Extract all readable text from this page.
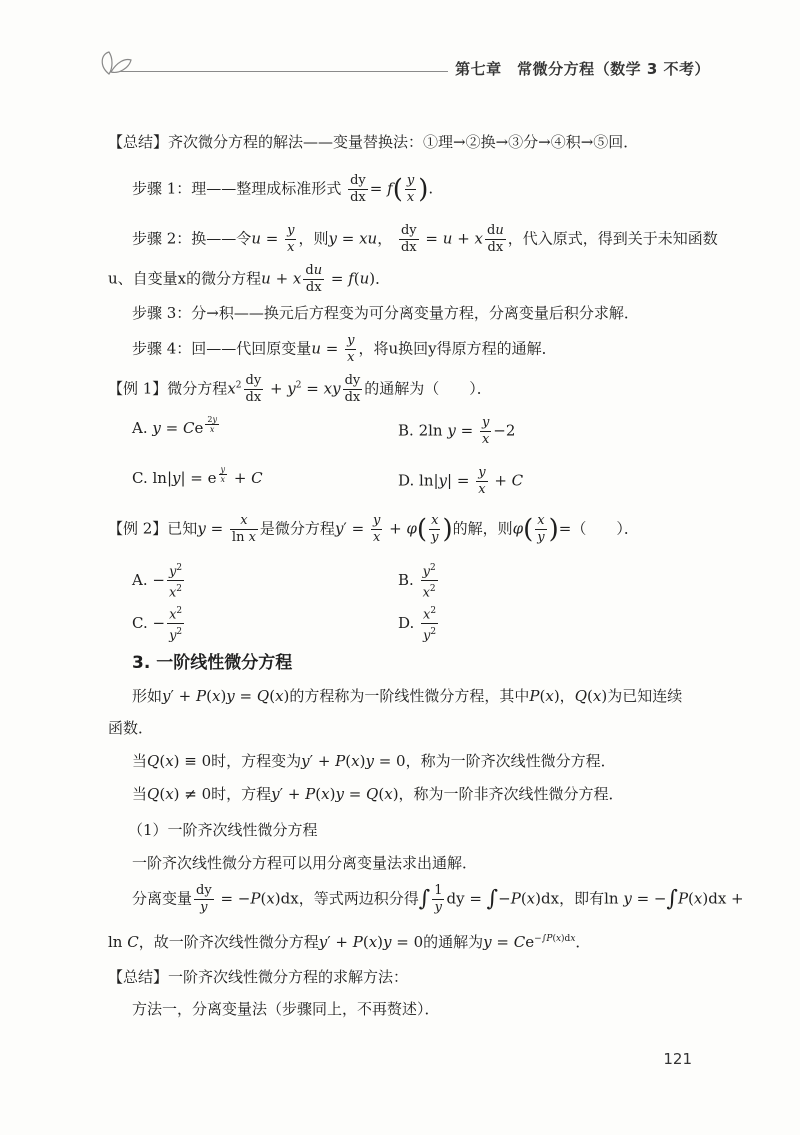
第七章　常微分方程（数学 3 不考）
【总结】齐次微分方程的解法——变量替换法：①理→②换→③分→④积→⑤回．
步骤 1：理——整理成标准形式 $\frac{dy}{dx} = f( \frac{y}{x}$ ).
步骤 2：换——令$u = \frac{y}{x}$ ，则y = xu， $\frac{dy}{dx} = u + x \frac{du}{dx}$ ，代入原式，得到关于未知函数
u、自变量x的微分方程u + x $\frac{du}{dx} = f(u)$．
步骤 3：分→积——换元后方程变为可分离变量方程，分离变量后积分求解．
步骤 4：回——代回原变量$u = \frac{y}{x}$ ，将u换回y得原方程的通解．
【例 1】微分方程$x^2 \frac{dy}{dx} + y^2$ = xy $\frac{dy}{dx}$ 的通解为（　　）．
A. y = Ce $^{\frac{2y}{x}}$	B. 2ln $y = \frac{y}{x} -2$
C. ln|y| = e $^{\frac{y}{x}}$ + C	D. $\ln|y| = \frac{y}{x} + C$
【例 2】已知$y = \frac{x}{\text{ln x}}$ 是微分方程$y' = \frac{y}{x} + \varphi( \frac{x}{y}$ )的解，则$\varphi( \frac{x}{y}$ )=（　　）．
A. − $\frac{y^2}{x^2}$	B. $\frac{y^2}{x^2}$
C. − $\frac{x^2}{y^2}$	D. $\frac{x^2}{y^2}$
3. 一阶线性微分方程
形如y′ + P(x)y = Q(x)的方程称为一阶线性微分方程，其中P(x)，Q(x)为已知连续
函数．
当Q(x) ≡ 0时，方程变为y′ + P(x)y = 0，称为一阶齐次线性微分方程．
当Q(x) ≠ 0时，方程y′ + P(x)y = Q(x)，称为一阶非齐次线性微分方程．
（1）一阶齐次线性微分方程
一阶齐次线性微分方程可以用分离变量法求出通解．
分离变量 $\frac{dy}{y} = -P(x)dx$，等式两边积分得∫ $\frac{1}{y}$ dy = ∫−P(x)dx，即有ln y = −∫P(x)dx +
ln C，故一阶齐次线性微分方程y′ + P(x)y = 0的通解为$y = Ce^{-\int P(x)dx}$．
【总结】一阶齐次线性微分方程的求解方法：
方法一，分离变量法（步骤同上，不再赘述）．
121
